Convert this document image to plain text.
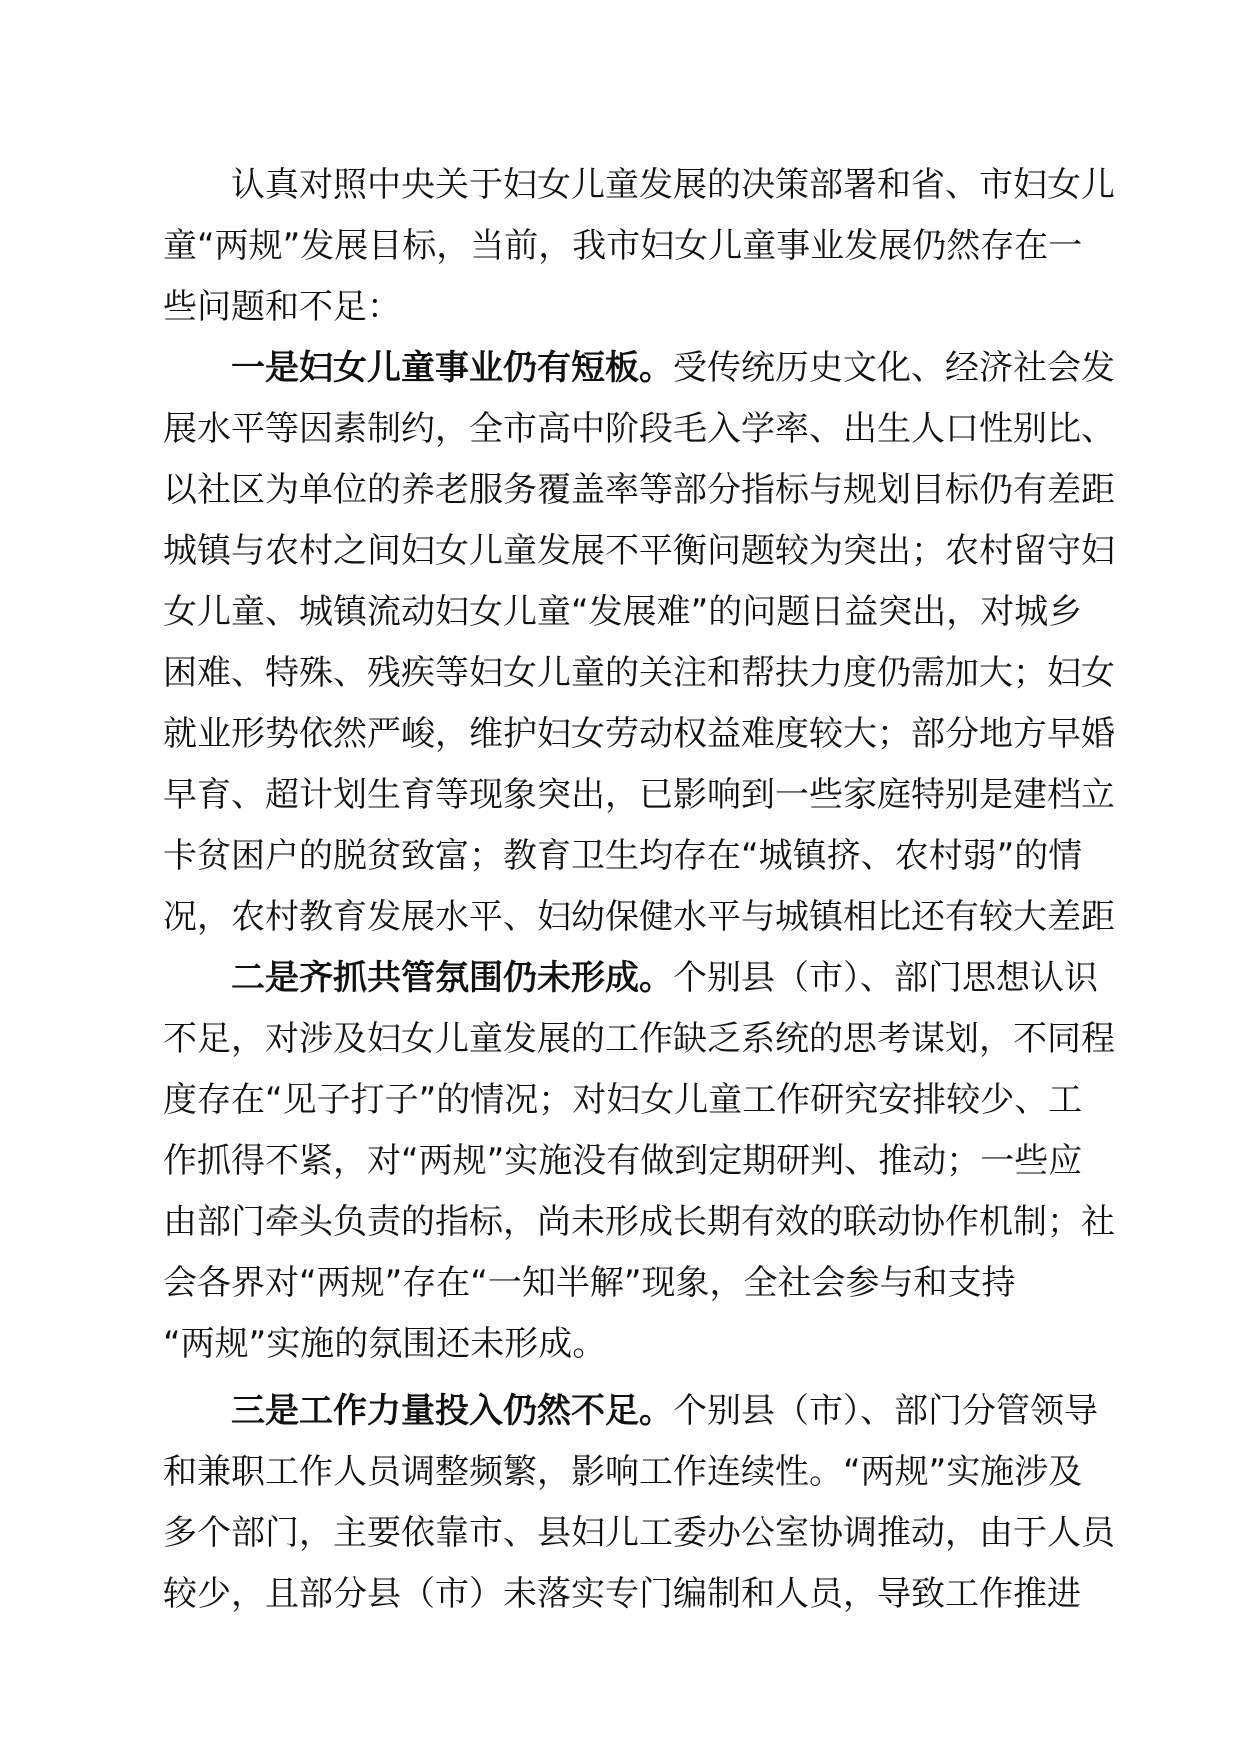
认真对照中央关于妇女儿童发展的决策部署和省、市妇女儿
童“两规”发展目标，当前，我市妇女儿童事业发展仍然存在一
些问题和不足：
一是妇女儿童事业仍有短板。受传统历史文化、经济社会发
展水平等因素制约，全市高中阶段毛入学率、出生人口性别比、
以社区为单位的养老服务覆盖率等部分指标与规划目标仍有差距
城镇与农村之间妇女儿童发展不平衡问题较为突出；农村留守妇
女儿童、城镇流动妇女儿童“发展难”的问题日益突出，对城乡
困难、特殊、残疾等妇女儿童的关注和帮扶力度仍需加大；妇女
就业形势依然严峻，维护妇女劳动权益难度较大；部分地方早婚
早育、超计划生育等现象突出，已影响到一些家庭特别是建档立
卡贫困户的脱贫致富；教育卫生均存在“城镇挤、农村弱”的情
况，农村教育发展水平、妇幼保健水平与城镇相比还有较大差距
二是齐抓共管氛围仍未形成。个别县（市）、部门思想认识
不足，对涉及妇女儿童发展的工作缺乏系统的思考谋划，不同程
度存在“见子打子”的情况；对妇女儿童工作研究安排较少、工
作抓得不紧，对“两规”实施没有做到定期研判、推动；一些应
由部门牵头负责的指标，尚未形成长期有效的联动协作机制；社
会各界对“两规”存在“一知半解”现象，全社会参与和支持
“两规”实施的氛围还未形成。
三是工作力量投入仍然不足。个别县（市）、部门分管领导
和兼职工作人员调整频繁，影响工作连续性。“两规”实施涉及
多个部门，主要依靠市、县妇儿工委办公室协调推动，由于人员
较少，且部分县（市）未落实专门编制和人员，导致工作推进
